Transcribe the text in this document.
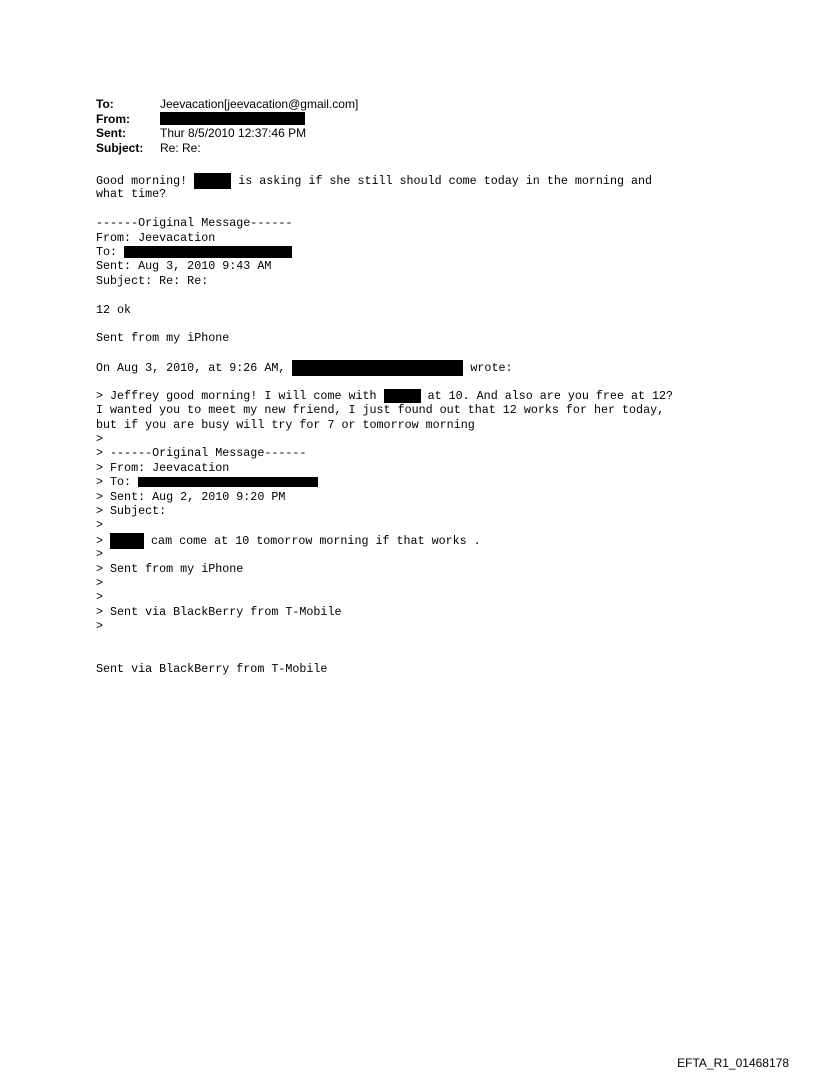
To:	Jeevacation[jeevacation@gmail.com]
From:
Sent:	Thur 8/5/2010 12:37:46 PM
Subject:	Re: Re:
Good morning!	is asking if she still should come today in the morning and
what time?
------Original Message------
From: Jeevacation
To:
Sent: Aug 3, 2010 9:43 AM
Subject: Re: Re:
12 ok
Sent from my iPhone
On Aug 3, 2010, at 9:26 AM,	wrote:
> Jeffrey good morning! I will come with	at 10. And also are you free at 12?
I wanted you to meet my new friend, I just found out that 12 works for her today,
but if you are busy will try for 7 or tomorrow morning
>
> ------Original Message------
> From: Jeevacation
> To:
> Sent: Aug 2, 2010 9:20 PM
> Subject:
>
>	cam come at 10 tomorrow morning if that works .
>
> Sent from my iPhone
>
>
> Sent via BlackBerry from T-Mobile
>
Sent via BlackBerry from T-Mobile
EFTA_R1_01468178
